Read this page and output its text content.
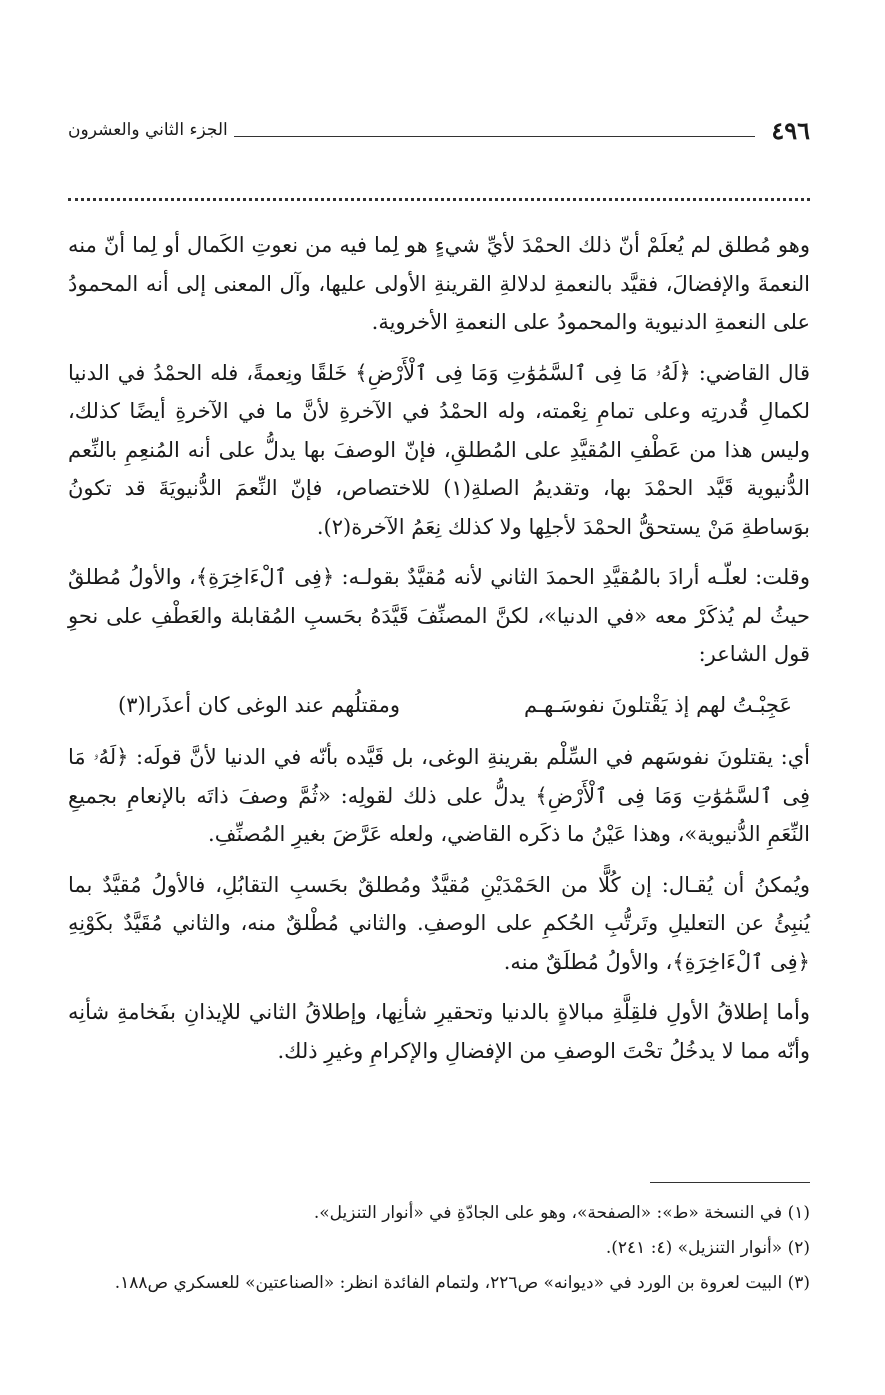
٤٩٦
الجزء الثاني والعشرون

وهو مُطلق لم يُعلَمْ أنّ ذلك الحمْدَ لأيِّ شيءٍ هو لِما فيه من نعوتِ الكَمال أو لِما أنّ منه النعمةَ والإفضالَ، فقيَّد بالنعمةِ لدلالةِ القرينةِ الأولى عليها، وآل المعنى إلى أنه المحمودُ على النعمةِ الدنيوية والمحمودُ على النعمةِ الأخروية.

قال القاضي: ﴿لَهُۥ مَا فِى ٱلسَّمَٰوَٰتِ وَمَا فِى ٱلْأَرْضِ﴾ خَلقًا ونِعمةً، فله الحمْدُ في الدنيا لكمالِ قُدرتِه وعلى تمامِ نِعْمته، وله الحمْدُ في الآخرةِ لأنَّ ما في الآخرةِ أيضًا كذلك، وليس هذا من عَطْفِ المُقيَّدِ على المُطلقِ، فإنّ الوصفَ بها يدلُّ على أنه المُنعِمِ بالنِّعم الدُّنيوية قَيَّد الحمْدَ بها، وتقديمُ الصلةِ(١) للاختصاص، فإنّ النِّعمَ الدُّنيويَةَ قد تكونُ بوَساطةِ مَنْ يستحقُّ الحمْدَ لأجلِها ولا كذلك نِعَمُ الآخرة(٢).

وقلت: لعلّـه أرادَ بالمُقيَّدِ الحمدَ الثاني لأنه مُقيَّدٌ بقولـه: ﴿فِى ٱلْءَاخِرَةِ﴾، والأولُ مُطلقٌ حيثُ لم يُذكَرْ معه «في الدنيا»، لكنَّ المصنِّفَ قَيَّدَهُ بحَسبِ المُقابلة والعَطْفِ على نحوِ قول الشاعر:

عَجِبْـتُ لهم إذ يَقْتلونَ نفوسَـهـم
ومقتلُهم عند الوغى كان أعذَرا(٣)

أي: يقتلونَ نفوسَهم في السِّلْم بقرينةِ الوغى، بل قَيَّده بأنّه في الدنيا لأنَّ قولَه: ﴿لَهُۥ مَا فِى ٱلسَّمَٰوَٰتِ وَمَا فِى ٱلْأَرْضِ﴾ يدلُّ على ذلك لقولِه: «ثُمَّ وصفَ ذاتَه بالإنعامِ بجميعِ النِّعَمِ الدُّنيوية»، وهذا عَيْنُ ما ذكَره القاضي، ولعله عَرَّضَ بغيرِ المُصنِّفِ.

ويُمكنُ أن يُقـال: إن كُلًّا من الحَمْدَيْنِ مُقيَّدٌ ومُطلقٌ بحَسبِ التقابُلِ، فالأولُ مُقيَّدٌ بما يُنبِئُ عن التعليلِ وتَرتُّبِ الحُكمِ على الوصفِ. والثاني مُطْلقٌ منه، والثاني مُقَيَّدٌ بكَوْنِهِ ﴿فِى ٱلْءَاخِرَةِ﴾، والأولُ مُطلَقٌ منه.

وأما إطلاقُ الأولِ فلقِلَّةِ مبالاةٍ بالدنيا وتحقيرِ شأنِها، وإطلاقُ الثاني للإيذانِ بفَخامةِ شأنِه وأنّه مما لا يدخُلُ تحْتَ الوصفِ من الإفضالِ والإكرامِ وغيرِ ذلك.

(١) في النسخة «ط»: «الصفحة»، وهو على الجادّةِ في «أنوار التنزيل».

(٢) «أنوار التنزيل» (٤: ٢٤١).

(٣) البيت لعروة بن الورد في «ديوانه» ص٢٢٦، ولتمام الفائدة انظر: «الصناعتين» للعسكري ص١٨٨.
